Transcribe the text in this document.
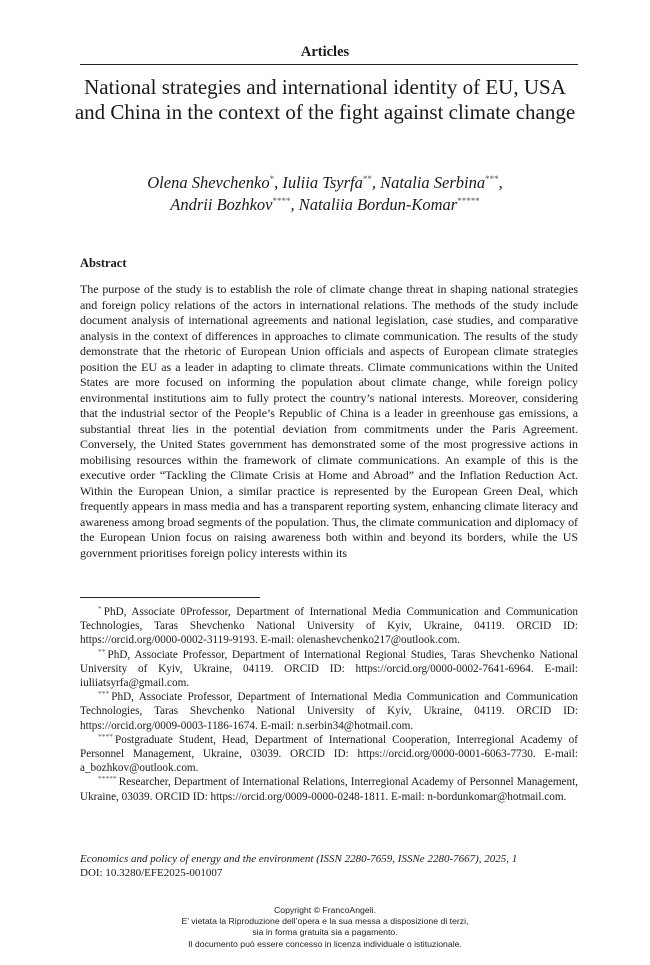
Articles
National strategies and international identity of EU, USA
and China in the context of the fight against climate change
Olena Shevchenko*, Iuliia Tsyrfa**, Natalia Serbina***,
Andrii Bozhkov****, Nataliia Bordun-Komar*****
Abstract

The purpose of the study is to establish the role of climate change threat in shaping national strategies and foreign policy relations of the actors in international relations. The methods of the study include document analysis of international agreements and national legislation, case studies, and comparative analysis in the context of differences in approaches to climate communication. The results of the study demonstrate that the rhetoric of European Union officials and aspects of European climate strategies position the EU as a leader in adapting to climate threats. Climate communications within the United States are more focused on informing the population about climate change, while foreign policy environmental institutions aim to fully protect the country’s national interests. Moreover, considering that the industrial sector of the People’s Republic of China is a leader in greenhouse gas emissions, a substantial threat lies in the potential deviation from commitments under the Paris Agreement. Conversely, the United States government has demonstrated some of the most progressive actions in mobilising resources within the framework of climate communications. An example of this is the executive order “Tackling the Climate Crisis at Home and Abroad” and the Inflation Reduction Act. Within the European Union, a similar practice is represented by the European Green Deal, which frequently appears in mass media and has a transparent reporting system, enhancing climate literacy and awareness among broad segments of the population. Thus, the climate communication and diplomacy of the European Union focus on raising awareness both within and beyond its borders, while the US government prioritises foreign policy interests within its

* PhD, Associate 0Professor, Department of International Media Communication and Communication Technologies, Taras Shevchenko National University of Kyiv, Ukraine, 04119. ORCID ID: https://orcid.org/0000-0002-3119-9193. E-mail: olenashevchenko217@outlook.com.

** PhD, Associate Professor, Department of International Regional Studies, Taras Shevchenko National University of Kyiv, Ukraine, 04119. ORCID ID: https://orcid.org/0000-0002-7641-6964. E-mail: iuliiatsyrfa@gmail.com.

*** PhD, Associate Professor, Department of International Media Communication and Communication Technologies, Taras Shevchenko National University of Kyiv, Ukraine, 04119. ORCID ID: https://orcid.org/0009-0003-1186-1674. E-mail: n.serbin34@hotmail.com.

**** Postgraduate Student, Head, Department of International Cooperation, Interregional Academy of Personnel Management, Ukraine, 03039. ORCID ID: https://orcid.org/0000-0001-6063-7730. E-mail: a_bozhkov@outlook.com.

***** Researcher, Department of International Relations, Interregional Academy of Personnel Management, Ukraine, 03039. ORCID ID: https://orcid.org/0009-0000-0248-1811. E-mail: n-bordunkomar@hotmail.com.

Economics and policy of energy and the environment (ISSN 2280-7659, ISSNe 2280-7667), 2025, 1
DOI: 10.3280/EFE2025-001007
Copyright © FrancoAngeli.
E’ vietata la Riproduzione dell’opera e la sua messa a disposizione di terzi,
sia in forma gratuita sia a pagamento.
Il documento può essere concesso in licenza individuale o istituzionale.
